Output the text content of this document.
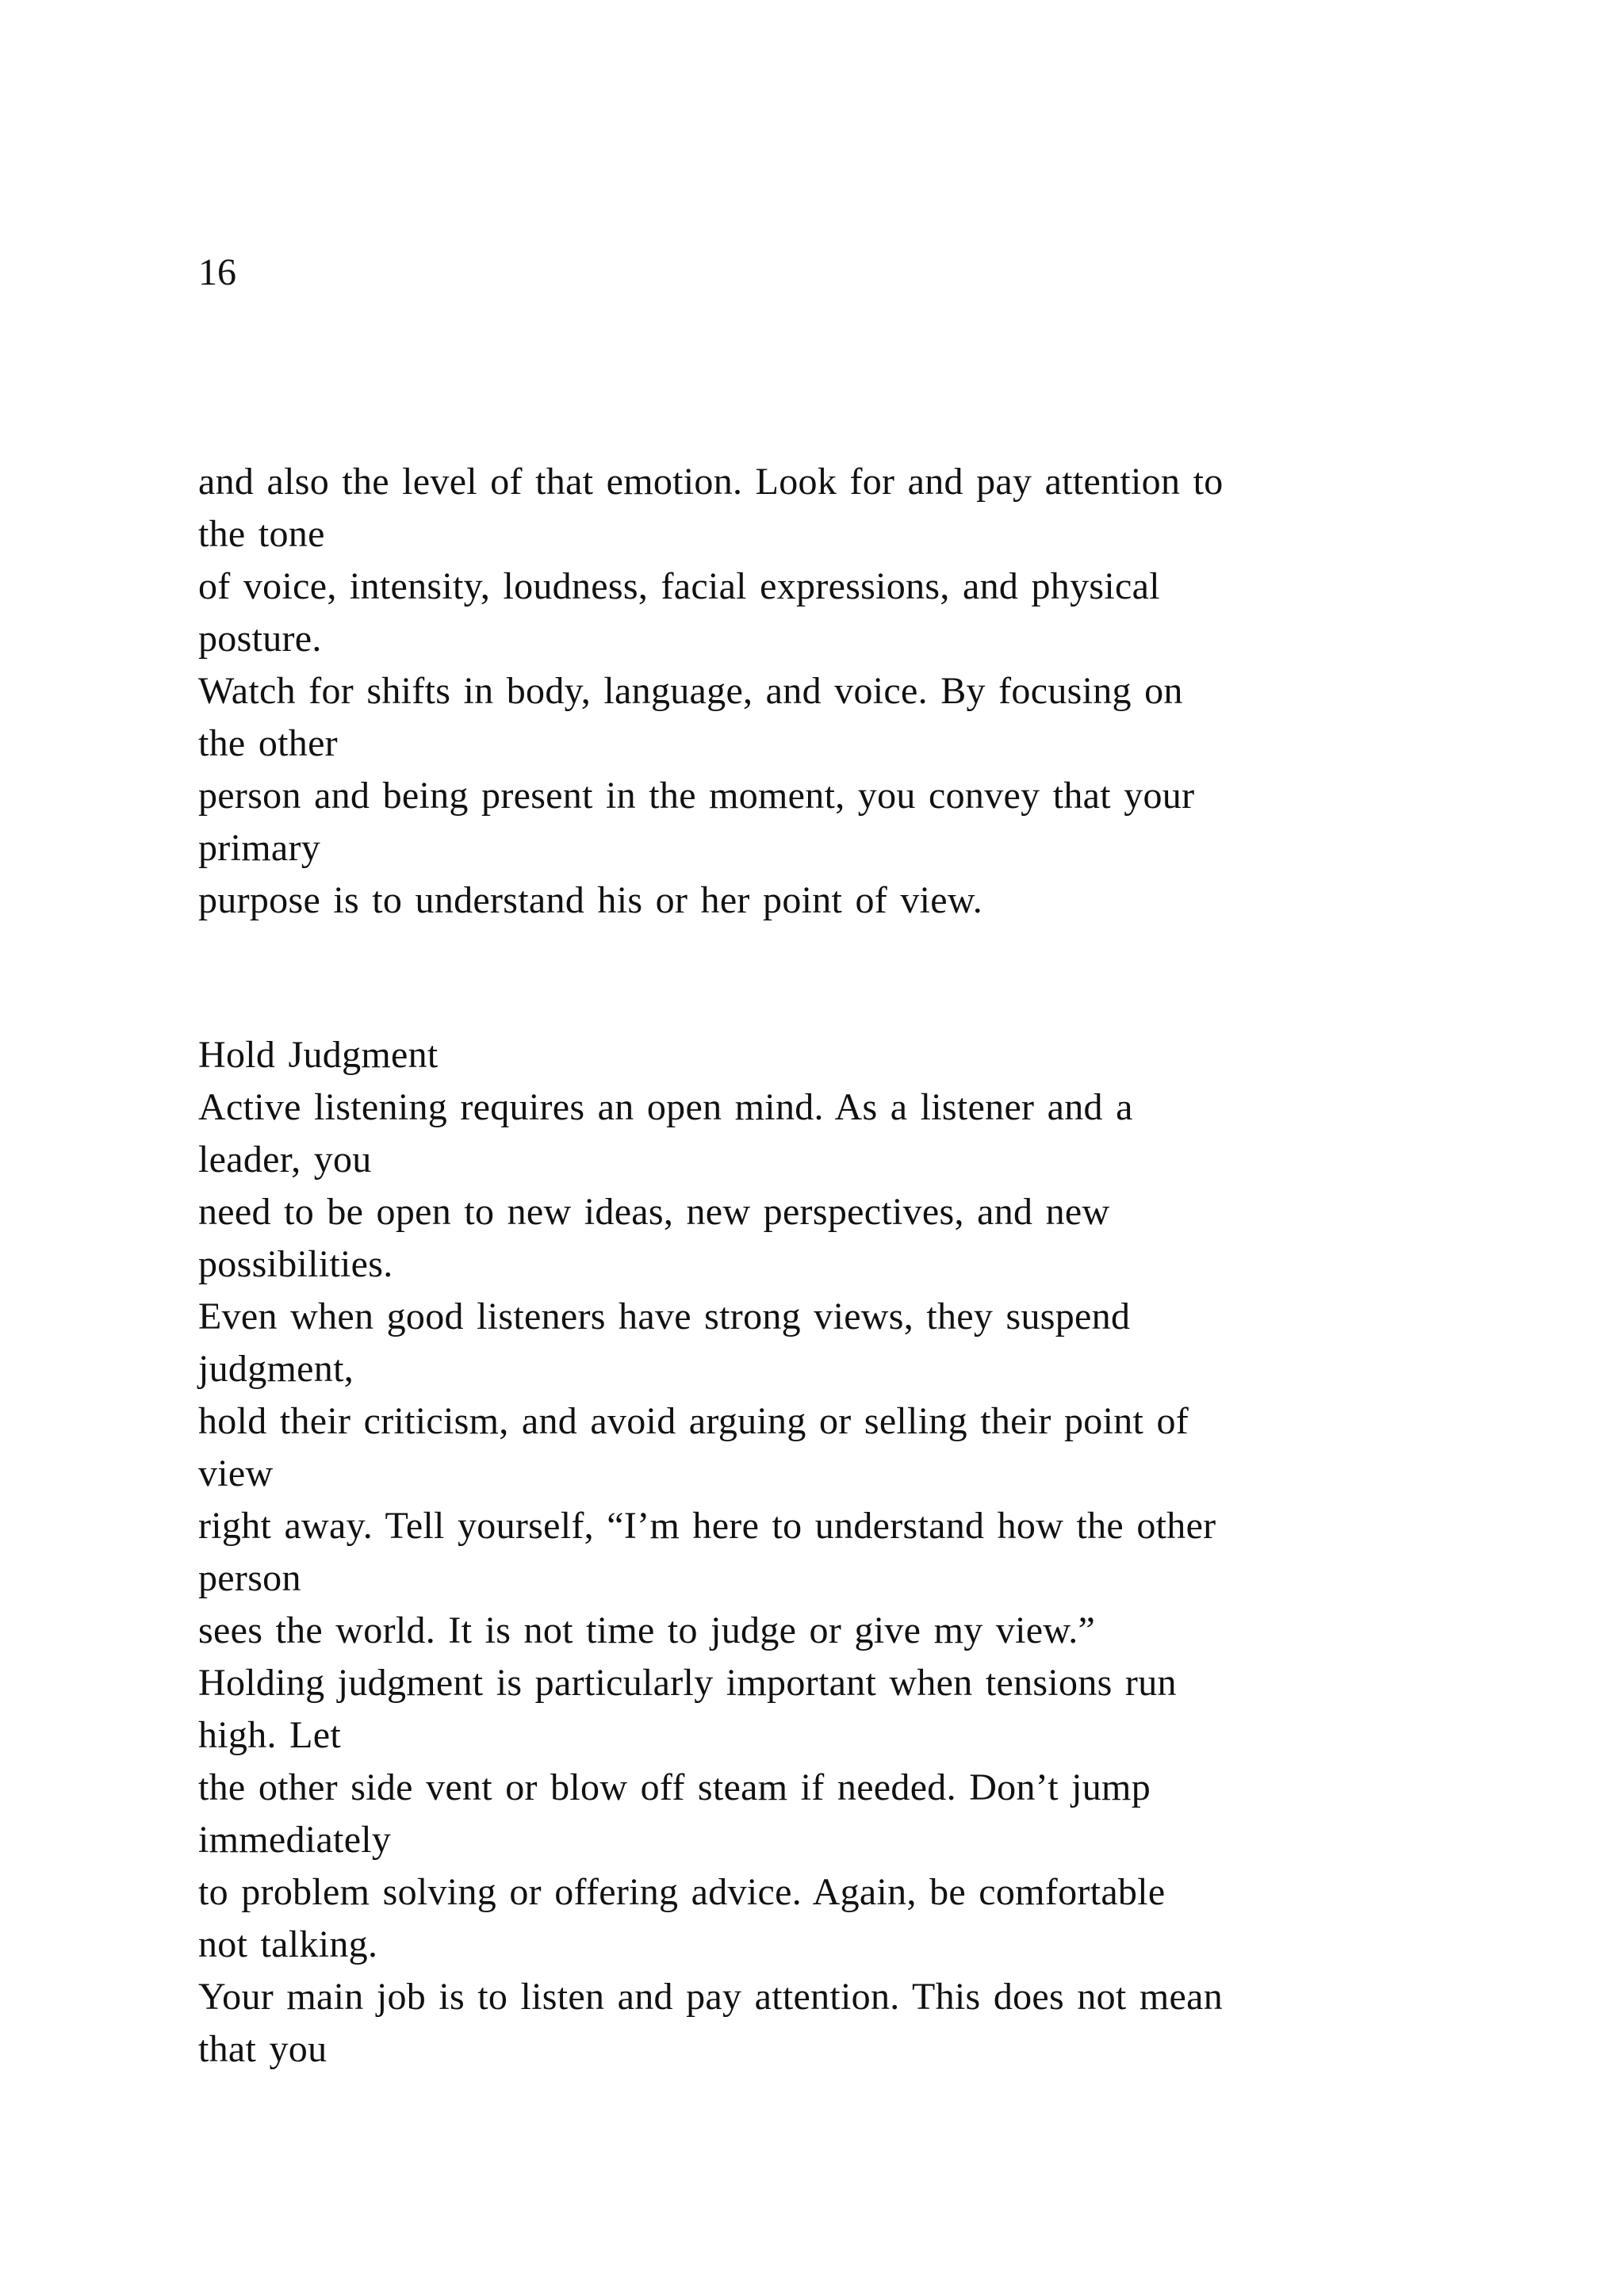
16
and also the level of that emotion. Look for and pay attention to
the tone
of voice, intensity, loudness, facial expressions, and physical
posture.
Watch for shifts in body, language, and voice. By focusing on
the other
person and being present in the moment, you convey that your
primary
purpose is to understand his or her point of view.
Hold Judgment
Active listening requires an open mind. As a listener and a
leader, you
need to be open to new ideas, new perspectives, and new
possibilities.
Even when good listeners have strong views, they suspend
judgment,
hold their criticism, and avoid arguing or selling their point of
view
right away. Tell yourself, “I’m here to understand how the other
person
sees the world. It is not time to judge or give my view.”
Holding judgment is particularly important when tensions run
high. Let
the other side vent or blow off steam if needed. Don’t jump
immediately
to problem solving or offering advice. Again, be comfortable
not talking.
Your main job is to listen and pay attention. This does not mean
that you
